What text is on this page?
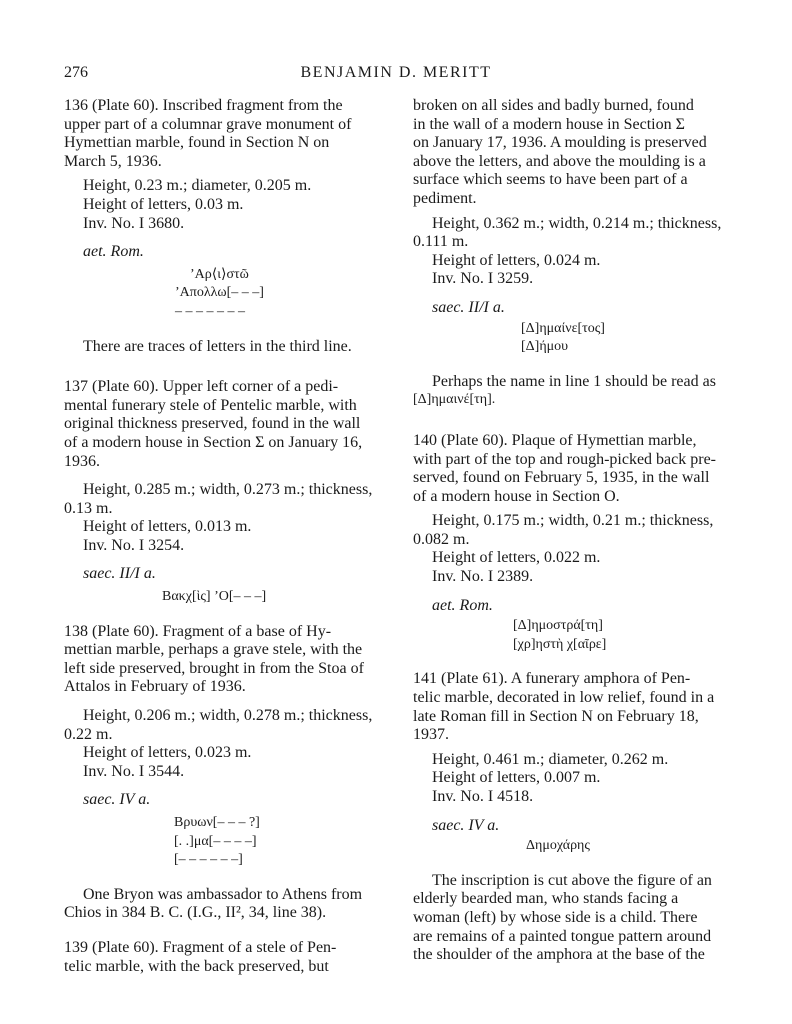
276	BENJAMIN D. MERITT
136 (Plate 60). Inscribed fragment from the
upper part of a columnar grave monument of
Hymettian marble, found in Section N on
March 5, 1936.
Height, 0.23 m.; diameter, 0.205 m.
Height of letters, 0.03 m.
Inv. No. I 3680.

aet. Rom.

ʼΑρ⟨ι⟩στῶ
ʼΑπολλω[– – –]
– – – – – – –

There are traces of letters in the third line.

137 (Plate 60). Upper left corner of a pedi-
mental funerary stele of Pentelic marble, with
original thickness preserved, found in the wall
of a modern house in Section Σ on January 16,
1936.
Height, 0.285 m.; width, 0.273 m.; thickness,
0.13 m.
Height of letters, 0.013 m.
Inv. No. I 3254.

saec. II/I a.

Βακχ[ὶς] ʼΟ[– – –]
138 (Plate 60). Fragment of a base of Hy-
mettian marble, perhaps a grave stele, with the
left side preserved, brought in from the Stoa of
Attalos in February of 1936.
Height, 0.206 m.; width, 0.278 m.; thickness,
0.22 m.
Height of letters, 0.023 m.
Inv. No. I 3544.

saec. IV a.

Βρυων[– – – ?]
[. .]μα[– – – –]
[– – – – – –]
One Bryon was ambassador to Athens from
Chios in 384 B. C. (I.G., II², 34, line 38).
139 (Plate 60). Fragment of a stele of Pen-
telic marble, with the back preserved, but
broken on all sides and badly burned, found
in the wall of a modern house in Section Σ
on January 17, 1936. A moulding is preserved
above the letters, and above the moulding is a
surface which seems to have been part of a
pediment.
Height, 0.362 m.; width, 0.214 m.; thickness,
0.111 m.
Height of letters, 0.024 m.
Inv. No. I 3259.

saec. II/I a.

[Δ]ημαίνε[τος]
[Δ]ήμου
Perhaps the name in line 1 should be read as
[Δ]ημαινέ[τη].
140 (Plate 60). Plaque of Hymettian marble,
with part of the top and rough-picked back pre-
served, found on February 5, 1935, in the wall
of a modern house in Section O.
Height, 0.175 m.; width, 0.21 m.; thickness,
0.082 m.
Height of letters, 0.022 m.
Inv. No. I 2389.

aet. Rom.

[Δ]ημοστρά[τη]
[χρ]ηστὴ χ[αῖρε]
141 (Plate 61). A funerary amphora of Pen-
telic marble, decorated in low relief, found in a
late Roman fill in Section N on February 18,
1937.
Height, 0.461 m.; diameter, 0.262 m.
Height of letters, 0.007 m.
Inv. No. I 4518.

saec. IV a.

Δημοχάρης
The inscription is cut above the figure of an
elderly bearded man, who stands facing a
woman (left) by whose side is a child. There
are remains of a painted tongue pattern around
the shoulder of the amphora at the base of the
